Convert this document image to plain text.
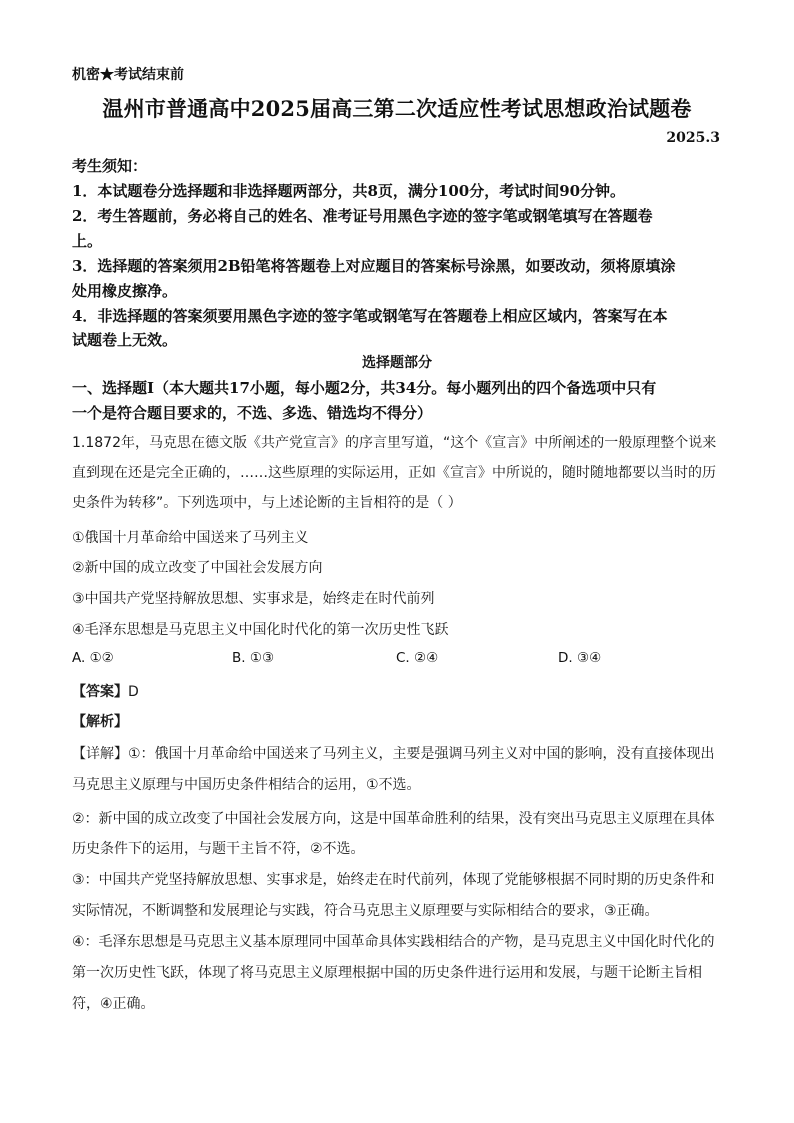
机密★考试结束前
温州市普通高中2025届高三第二次适应性考试思想政治试题卷
2025.3
考生须知：
1．本试题卷分选择题和非选择题两部分，共8页，满分100分，考试时间90分钟。
2．考生答题前，务必将自己的姓名、准考证号用黑色字迹的签字笔或钢笔填写在答题卷
上。
3．选择题的答案须用2B铅笔将答题卷上对应题目的答案标号涂黑，如要改动，须将原填涂
处用橡皮擦净。
4．非选择题的答案须要用黑色字迹的签字笔或钢笔写在答题卷上相应区域内，答案写在本
试题卷上无效。
选择题部分
一、选择题Ⅰ（本大题共17小题，每小题2分，共34分。每小题列出的四个备选项中只有
一个是符合题目要求的，不选、多选、错选均不得分）
1.1872年，马克思在德文版《共产党宣言》的序言里写道，“这个《宣言》中所阐述的一般原理整个说来
直到现在还是完全正确的，……这些原理的实际运用，正如《宣言》中所说的，随时随地都要以当时的历
史条件为转移”。下列选项中，与上述论断的主旨相符的是（ ）
①俄国十月革命给中国送来了马列主义
②新中国的成立改变了中国社会发展方向
③中国共产党坚持解放思想、实事求是，始终走在时代前列
④毛泽东思想是马克思主义中国化时代化的第一次历史性飞跃
A. ①②	B. ①③	C. ②④	D. ③④
【答案】D
【解析】
【详解】①：俄国十月革命给中国送来了马列主义，主要是强调马列主义对中国的影响，没有直接体现出
马克思主义原理与中国历史条件相结合的运用，①不选。
②：新中国的成立改变了中国社会发展方向，这是中国革命胜利的结果，没有突出马克思主义原理在具体
历史条件下的运用，与题干主旨不符，②不选。
③：中国共产党坚持解放思想、实事求是，始终走在时代前列，体现了党能够根据不同时期的历史条件和
实际情况，不断调整和发展理论与实践，符合马克思主义原理要与实际相结合的要求，③正确。
④：毛泽东思想是马克思主义基本原理同中国革命具体实践相结合的产物，是马克思主义中国化时代化的
第一次历史性飞跃，体现了将马克思主义原理根据中国的历史条件进行运用和发展，与题干论断主旨相
符，④正确。
